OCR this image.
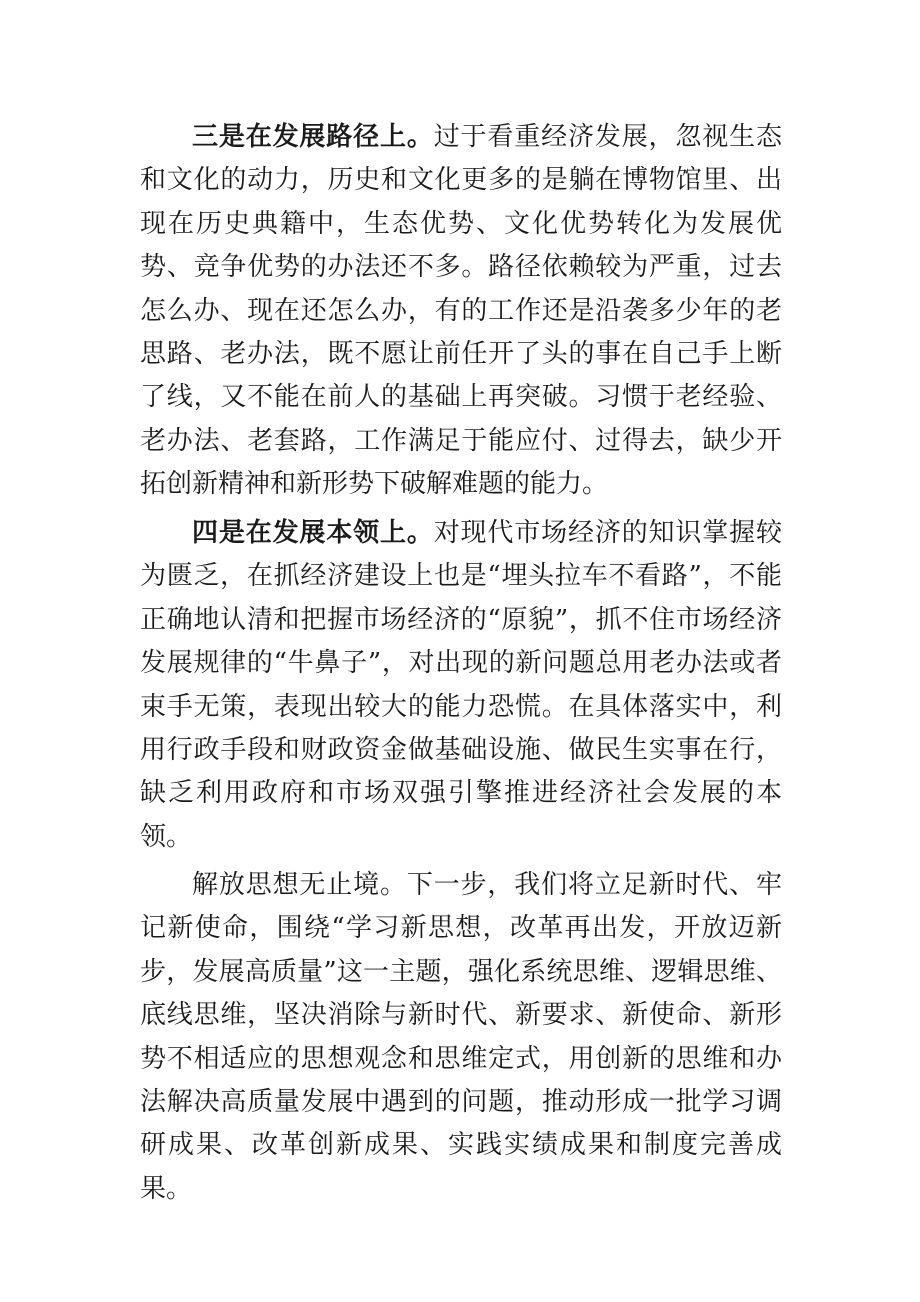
三是在发展路径上。过于看重经济发展，忽视生态和文化的动力，历史和文化更多的是躺在博物馆里、出现在历史典籍中，生态优势、文化优势转化为发展优势、竞争优势的办法还不多。路径依赖较为严重，过去怎么办、现在还怎么办，有的工作还是沿袭多少年的老思路、老办法，既不愿让前任开了头的事在自己手上断了线，又不能在前人的基础上再突破。习惯于老经验、老办法、老套路，工作满足于能应付、过得去，缺少开拓创新精神和新形势下破解难题的能力。

四是在发展本领上。对现代市场经济的知识掌握较为匮乏，在抓经济建设上也是“埋头拉车不看路”，不能正确地认清和把握市场经济的“原貌”，抓不住市场经济发展规律的“牛鼻子”，对出现的新问题总用老办法或者束手无策，表现出较大的能力恐慌。在具体落实中，利用行政手段和财政资金做基础设施、做民生实事在行，缺乏利用政府和市场双强引擎推进经济社会发展的本领。

解放思想无止境。下一步，我们将立足新时代、牢记新使命，围绕“学习新思想，改革再出发，开放迈新步，发展高质量”这一主题，强化系统思维、逻辑思维、底线思维，坚决消除与新时代、新要求、新使命、新形势不相适应的思想观念和思维定式，用创新的思维和办法解决高质量发展中遇到的问题，推动形成一批学习调研成果、改革创新成果、实践实绩成果和制度完善成果。
